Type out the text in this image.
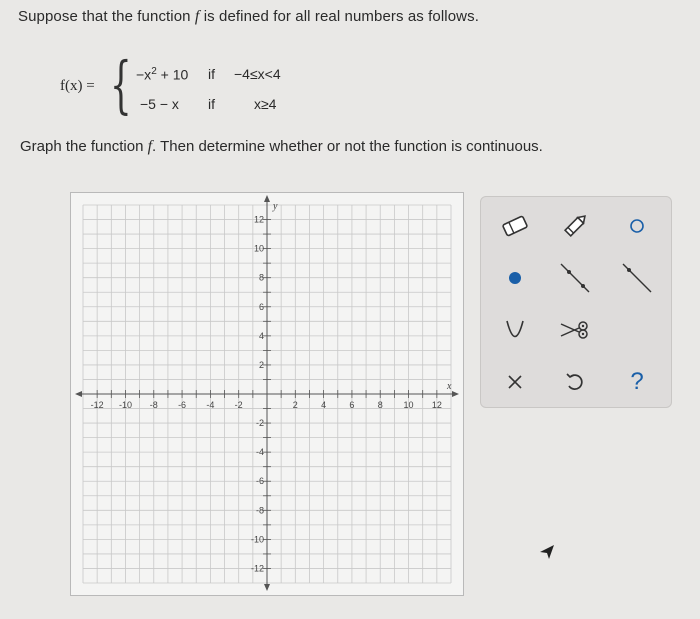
Suppose that the function f is defined for all real numbers as follows.
f(x) = { $-x^2 + 10$ if −4≤x<4
−5 − x if	x≥4
Graph the function f. Then determine whether or not the function is continuous.
-12 -10 -8 -6 -4 -2	2	4	6	8 10 12
12
10
8
6
4
2
-2
-4
-6
-8
-10
-12
x
y
?
